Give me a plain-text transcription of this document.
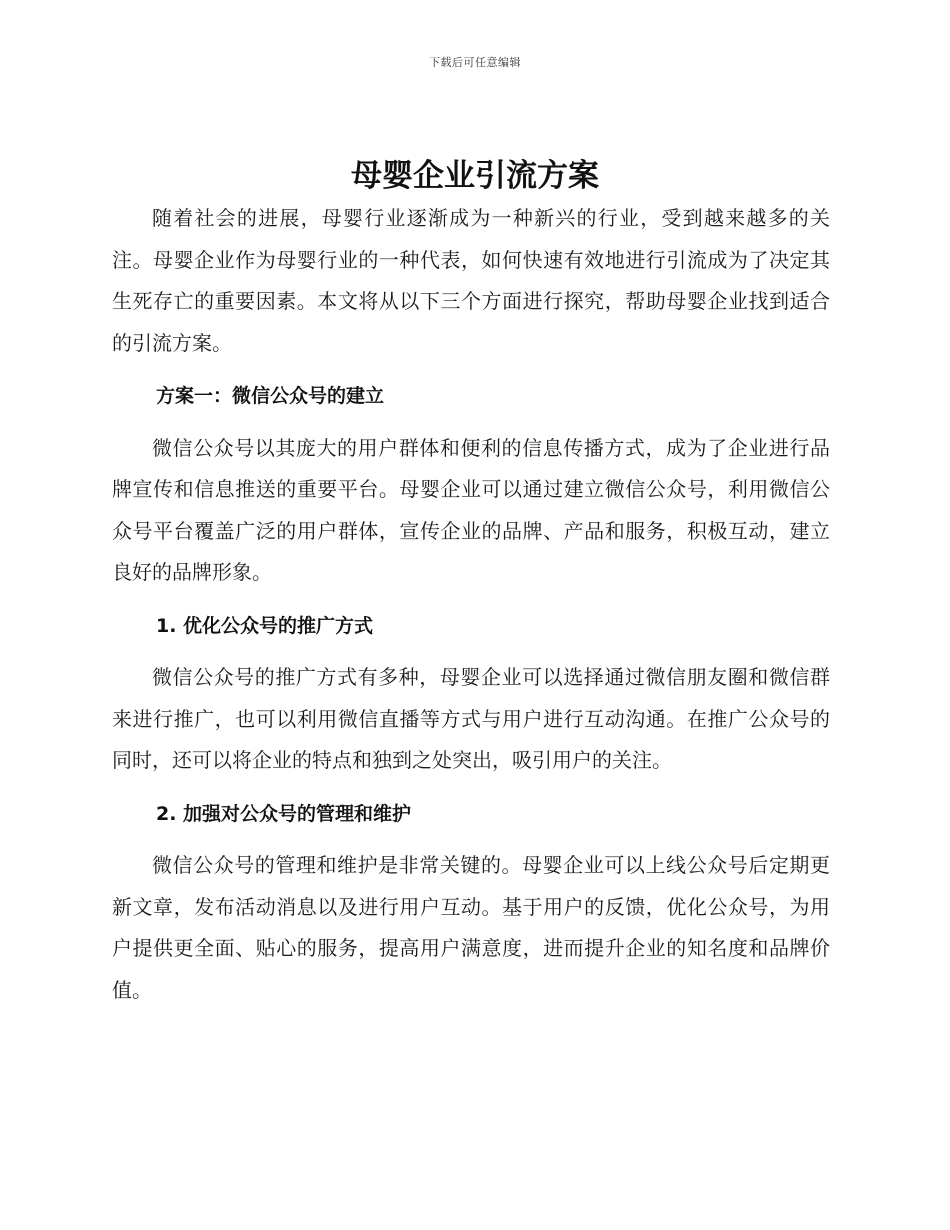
下载后可任意编辑
母婴企业引流方案

随着社会的进展，母婴行业逐渐成为一种新兴的行业，受到越来越多的关注。母婴企业作为母婴行业的一种代表，如何快速有效地进行引流成为了决定其生死存亡的重要因素。本文将从以下三个方面进行探究，帮助母婴企业找到适合的引流方案。

方案一：微信公众号的建立

微信公众号以其庞大的用户群体和便利的信息传播方式，成为了企业进行品牌宣传和信息推送的重要平台。母婴企业可以通过建立微信公众号，利用微信公众号平台覆盖广泛的用户群体，宣传企业的品牌、产品和服务，积极互动，建立良好的品牌形象。

1. 优化公众号的推广方式

微信公众号的推广方式有多种，母婴企业可以选择通过微信朋友圈和微信群来进行推广，也可以利用微信直播等方式与用户进行互动沟通。在推广公众号的同时，还可以将企业的特点和独到之处突出，吸引用户的关注。

2. 加强对公众号的管理和维护

微信公众号的管理和维护是非常关键的。母婴企业可以上线公众号后定期更新文章，发布活动消息以及进行用户互动。基于用户的反馈，优化公众号，为用户提供更全面、贴心的服务，提高用户满意度，进而提升企业的知名度和品牌价值。
